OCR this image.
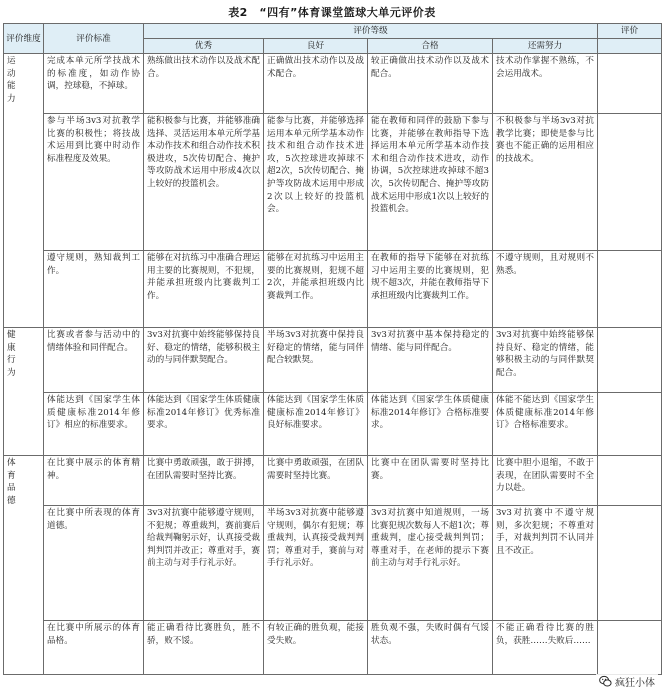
表2　“四有”体育课堂篮球大单元评价表
评价维度	评价标准	评价等级				评价
		优秀	良好	合格	还需努力	
运动能力	完成本单元所学技战术的标准度，如动作协调，控球稳，不掉球。	熟练做出技术动作以及战术配合。	正确做出技术动作以及战术配合。	较正确做出技术动作以及战术配合。	技术动作掌握不熟练，不会运用战术。	
	参与半场3v3对抗教学比赛的积极性；将技战术运用到比赛中时动作标准程度及效果。	能积极参与比赛，并能够准确选择、灵活运用本单元所学基本动作技术和组合动作技术积极进攻，5次传切配合、掩护等攻防战术运用中形成4次以上较好的投篮机会。	能参与比赛，并能够选择运用本单元所学基本动作技术和组合动作技术进攻，5次控球进攻掉球不超2次，5次传切配合、掩护等攻防战术运用中形成2次以上较好的投篮机会。	能在教师和同伴的鼓励下参与比赛，并能够在教师指导下选择运用本单元所学基本动作技术和组合动作技术进攻，动作协调，5次控球进攻掉球不超3次，5次传切配合、掩护等攻防战术运用中形成1次以上较好的投篮机会。	不积极参与半场3v3对抗教学比赛；即使是参与比赛也不能正确的运用相应的技战术。	
	遵守规则，熟知裁判工作。	能够在对抗练习中准确合理运用主要的比赛规则，不犯规，并能承担班级内比赛裁判工作。	能够在对抗练习中运用主要的比赛规则，犯规不超2次，并能承担班级内比赛裁判工作。	在教师的指导下能够在对抗练习中运用主要的比赛规则，犯规不超3次，并能在教师指导下承担班级内比赛裁判工作。	不遵守规则，且对规则不熟悉。	
健康行为	比赛或者参与活动中的情绪体验和同伴配合。	3v3对抗赛中始终能够保持良好、稳定的情绪，能够积极主动的与同伴默契配合。	半场3v3对抗赛中保持良好稳定的情绪，能与同伴配合较默契。	3v3对抗赛中基本保持稳定的情绪、能与同伴配合。	3v3对抗赛中始终能够保持良好、稳定的情绪，能够积极主动的与同伴默契配合。	
	体能达到《国家学生体质健康标准2014年修订》相应的标准要求。	体能达到《国家学生体质健康标准2014年修订》优秀标准要求。	体能达到《国家学生体质健康标准2014年修订》良好标准要求。	体能达到《国家学生体质健康标准2014年修订》合格标准要求。	体能不能达到《国家学生体质健康标准2014年修订》合格标准要求。	
体育品德	在比赛中展示的体育精神。	比赛中勇敢顽强，敢于拼搏，在团队需要时坚持比赛。	比赛中勇敢顽强，在团队需要时坚持比赛。	比赛中在团队需要时坚持比赛。	比赛中胆小退缩，不敢于表现，在团队需要时不全力以赴。	
	在比赛中所表现的体育道德。	3v3对抗赛中能够遵守规则，不犯规；尊重裁判，赛前赛后给裁判鞠躬示好，认真接受裁判判罚并改正；尊重对手，赛前主动与对手行礼示好。	半场3v3对抗赛中能够遵守规则，偶尔有犯规；尊重裁判，认真接受裁判判罚；尊重对手，赛前与对手行礼示好。	3v3对抗赛中知道规则，一场比赛犯规次数每人不超1次；尊重裁判，虚心接受裁判判罚；尊重对手，在老师的提示下赛前主动与对手行礼示好。	3v3对抗赛中不遵守规则，多次犯规；不尊重对手，对裁判判罚不认同并且不改正。	
	在比赛中所展示的体育品格。	能正确看待比赛胜负，胜不骄，败不馁。	有较正确的胜负观，能接受失败。	胜负观不强，失败时偶有气馁状态。	不能正确看待比赛的胜负，获胜……失败后……	
疯狂小体
